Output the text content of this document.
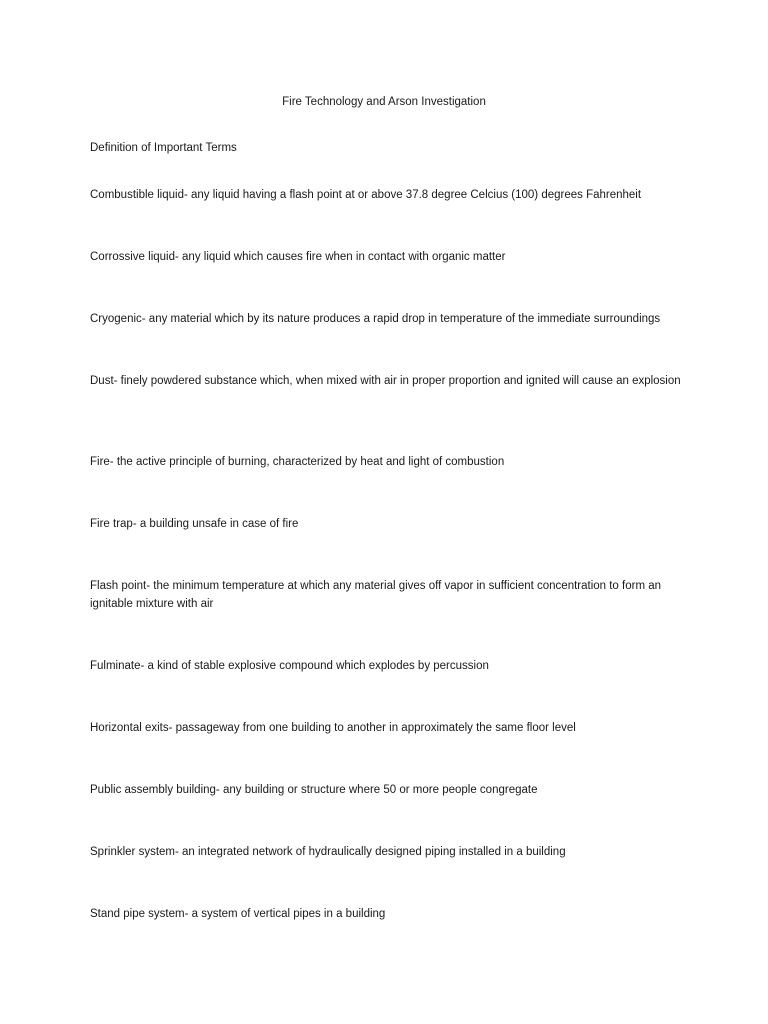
Fire Technology and Arson Investigation
Definition of Important Terms

Combustible liquid- any liquid having a flash point at or above 37.8 degree Celcius (100) degrees Fahrenheit

Corrossive liquid- any liquid which causes fire when in contact with organic matter

Cryogenic- any material which by its nature produces a rapid drop in temperature of the immediate surroundings

Dust- finely powdered substance which, when mixed with air in proper proportion and ignited will cause an explosion

Fire- the active principle of burning, characterized by heat and light of combustion

Fire trap- a building unsafe in case of fire

Flash point- the minimum temperature at which any material gives off vapor in sufficient concentration to form an ignitable mixture with air

Fulminate- a kind of stable explosive compound which explodes by percussion

Horizontal exits- passageway from one building to another in approximately the same floor level

Public assembly building- any building or structure where 50 or more people congregate

Sprinkler system- an integrated network of hydraulically designed piping installed in a building

Stand pipe system- a system of vertical pipes in a building
